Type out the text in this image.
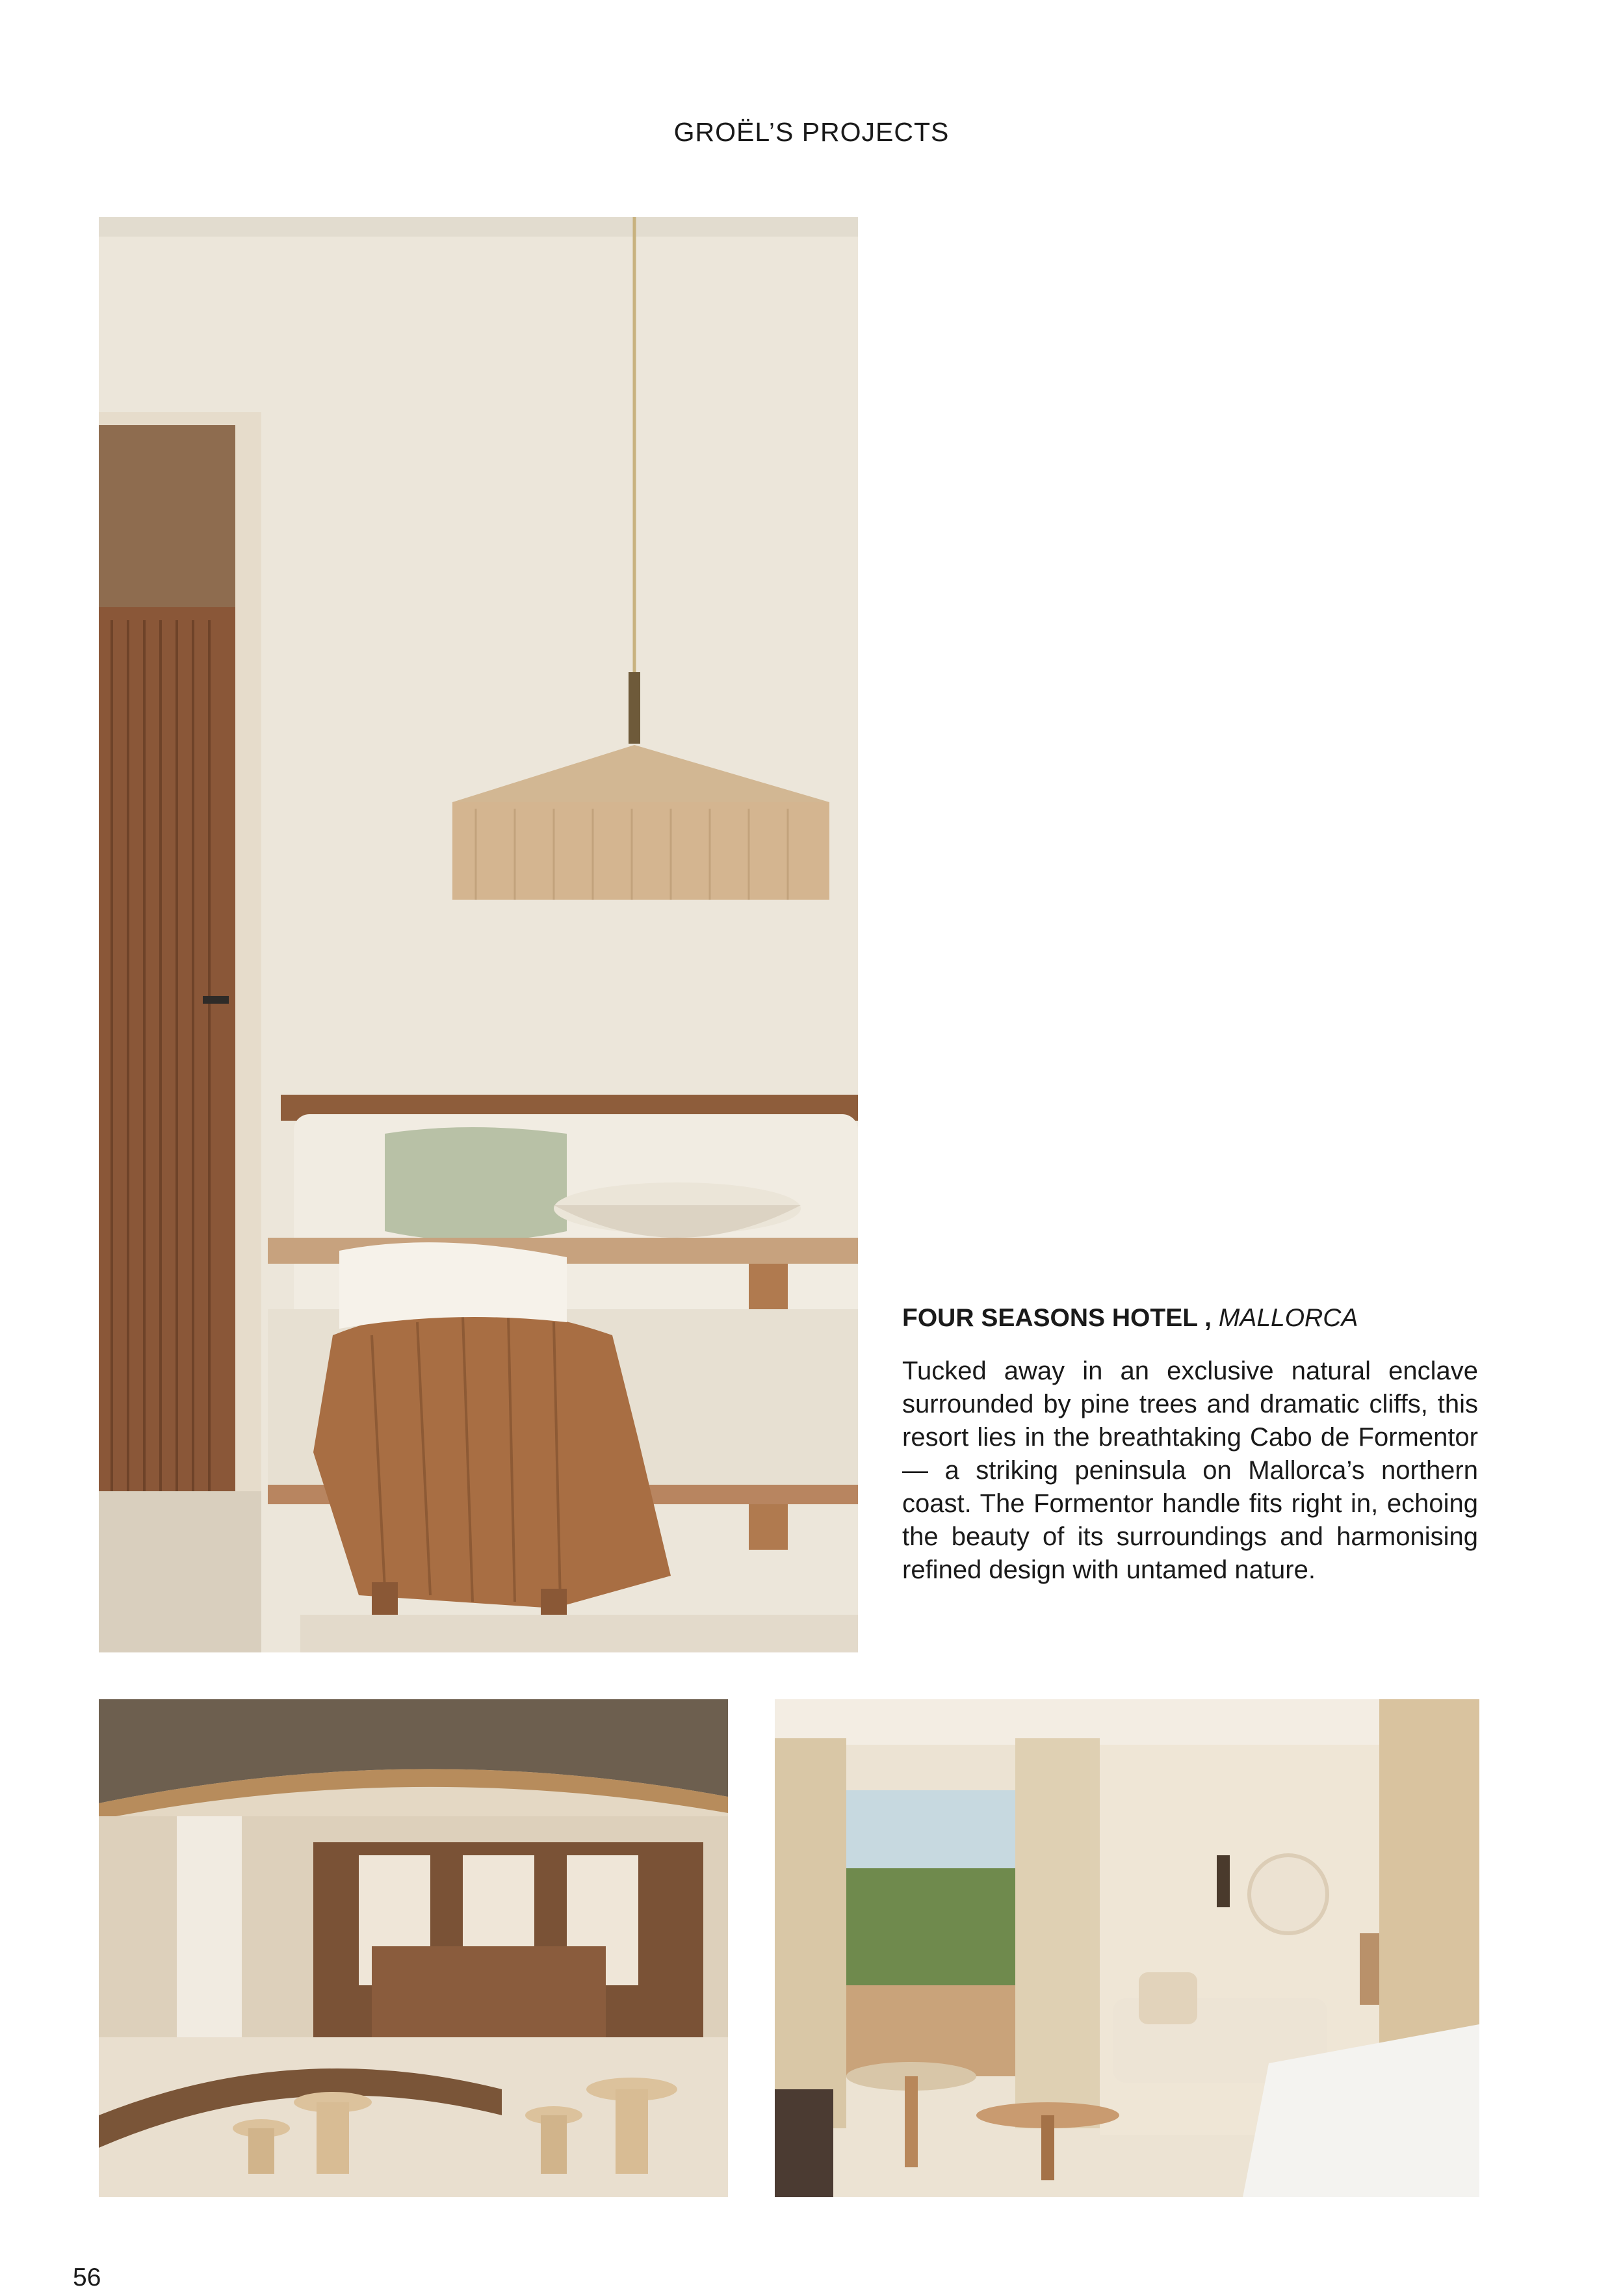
GROËL’S PROJECTS
FOUR SEASONS HOTEL , MALLORCA

Tucked away in an exclusive natural enclave surrounded by pine trees and dramatic cliffs, this resort lies in the breathtaking Cabo de Formentor — a striking peninsula on Mallorca’s northern coast. The Formentor handle fits right in, echoing the beauty of its surroundings and harmonising refined design with untamed nature.

56
